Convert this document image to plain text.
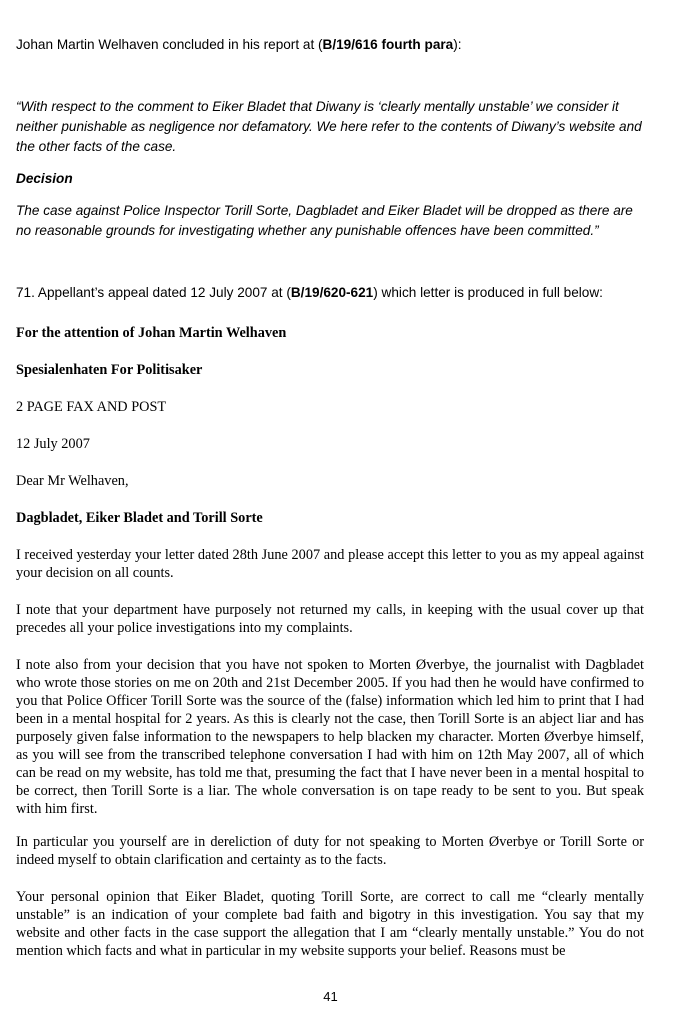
Johan Martin Welhaven concluded in his report at (B/19/616 fourth para):

“With respect to the comment to Eiker Bladet that Diwany is ‘clearly mentally unstable’ we consider it neither punishable as negligence nor defamatory. We here refer to the contents of Diwany’s website and the other facts of the case.

Decision

The case against Police Inspector Torill Sorte, Dagbladet and Eiker Bladet will be dropped as there are no reasonable grounds for investigating whether any punishable offences have been committed.”

71. Appellant’s appeal dated 12 July 2007 at (B/19/620-621) which letter is produced in full below:

For the attention of Johan Martin Welhaven

Spesialenhaten For Politisaker

2 PAGE FAX AND POST

12 July 2007

Dear Mr Welhaven,

Dagbladet, Eiker Bladet and Torill Sorte

I received yesterday your letter dated 28th June 2007 and please accept this letter to you as my appeal against your decision on all counts.

I note that your department have purposely not returned my calls, in keeping with the usual cover up that precedes all your police investigations into my complaints.

I note also from your decision that you have not spoken to Morten Øverbye, the journalist with Dagbladet who wrote those stories on me on 20th and 21st December 2005. If you had then he would have confirmed to you that Police Officer Torill Sorte was the source of the (false) information which led him to print that I had been in a mental hospital for 2 years. As this is clearly not the case, then Torill Sorte is an abject liar and has purposely given false information to the newspapers to help blacken my character. Morten Øverbye himself, as you will see from the transcribed telephone conversation I had with him on 12th May 2007, all of which can be read on my website, has told me that, presuming the fact that I have never been in a mental hospital to be correct, then Torill Sorte is a liar. The whole conversation is on tape ready to be sent to you. But speak with him first.

In particular you yourself are in dereliction of duty for not speaking to Morten Øverbye or Torill Sorte or indeed myself to obtain clarification and certainty as to the facts.

Your personal opinion that Eiker Bladet, quoting Torill Sorte, are correct to call me “clearly mentally unstable” is an indication of your complete bad faith and bigotry in this investigation. You say that my website and other facts in the case support the allegation that I am “clearly mentally unstable.” You do not mention which facts and what in particular in my website supports your belief. Reasons must be

41
